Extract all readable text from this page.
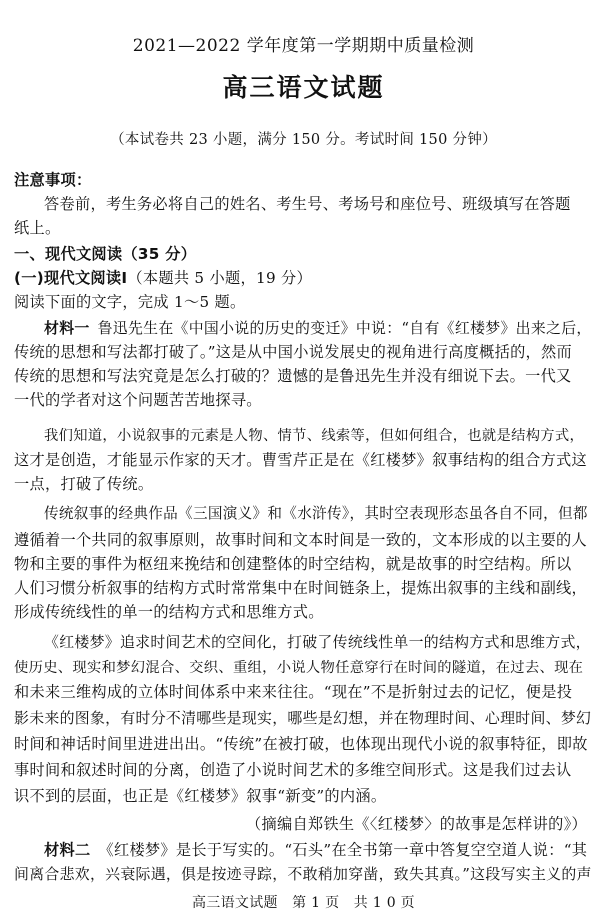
2021—2022 学年度第一学期期中质量检测
高三语文试题
（本试卷共 23 小题，满分 150 分。考试时间 150 分钟）
注意事项：
答卷前，考生务必将自己的姓名、考生号、考场号和座位号、班级填写在答题
纸上。
一、现代文阅读（35 分）
(一)现代文阅读Ⅰ（本题共 5 小题，19 分）
阅读下面的文字，完成 1～5 题。
材料一 鲁迅先生在《中国小说的历史的变迁》中说：“自有《红楼梦》出来之后，
传统的思想和写法都打破了。”这是从中国小说发展史的视角进行高度概括的，然而
传统的思想和写法究竟是怎么打破的？遗憾的是鲁迅先生并没有细说下去。一代又
一代的学者对这个问题苦苦地探寻。
我们知道，小说叙事的元素是人物、情节、线索等，但如何组合，也就是结构方式，
这才是创造，才能显示作家的天才。曹雪芹正是在《红楼梦》叙事结构的组合方式这
一点，打破了传统。
传统叙事的经典作品《三国演义》和《水浒传》，其时空表现形态虽各自不同，但都
遵循着一个共同的叙事原则，故事时间和文本时间是一致的，文本形成的以主要的人
物和主要的事件为枢纽来挽结和创建整体的时空结构，就是故事的时空结构。所以
人们习惯分析叙事的结构方式时常常集中在时间链条上，提炼出叙事的主线和副线，
形成传统线性的单一的结构方式和思维方式。
《红楼梦》追求时间艺术的空间化，打破了传统线性单一的结构方式和思维方式，
使历史、现实和梦幻混合、交织、重组，小说人物任意穿行在时间的隧道，在过去、现在
和未来三维构成的立体时间体系中来来往往。“现在”不是折射过去的记忆，便是投
影未来的图象，有时分不清哪些是现实，哪些是幻想，并在物理时间、心理时间、梦幻
时间和神话时间里进进出出。“传统”在被打破，也体现出现代小说的叙事特征，即故
事时间和叙述时间的分离，创造了小说时间艺术的多维空间形式。这是我们过去认
识不到的层面，也正是《红楼梦》叙事“新变”的内涵。
（摘编自郑铁生《〈红楼梦〉的故事是怎样讲的》）
材料二 《红楼梦》是长于写实的。“石头”在全书第一章中答复空空道人说：“其
间离合悲欢，兴衰际遇，俱是按迹寻踪，不敢稍加穿凿，致失其真。”这段写实主义的声
高三语文试题　第 1 页　共 1 0 页
